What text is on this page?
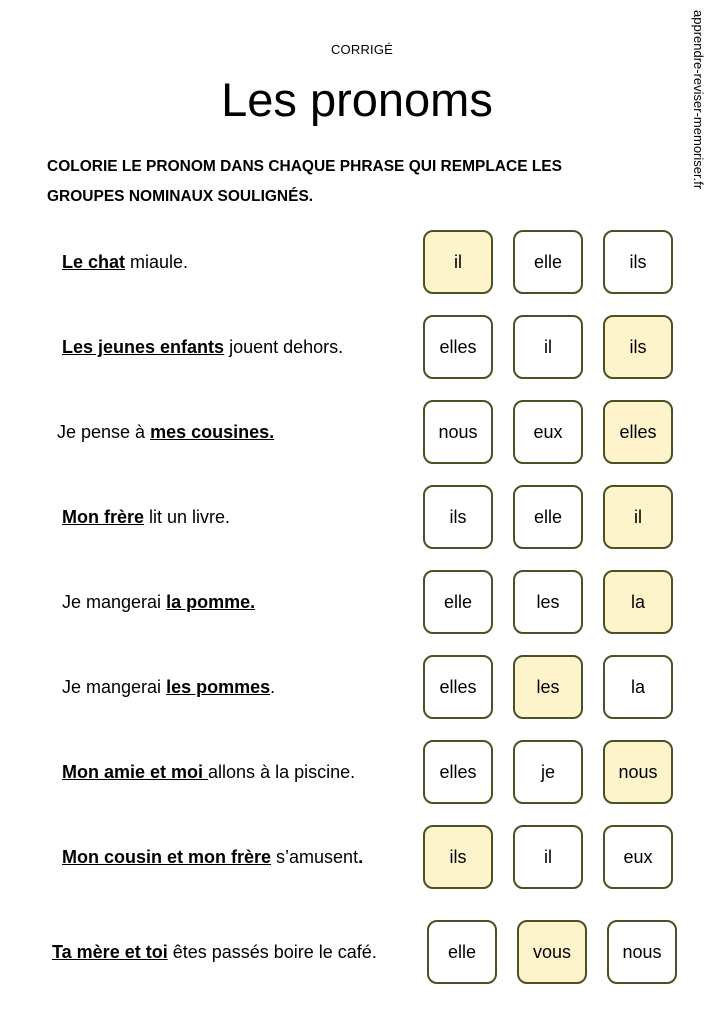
CORRIGÉ
Les pronoms	apprendre-reviser-memoriser.fr
COLORIE LE PRONOM DANS CHAQUE PHRASE QUI REMPLACE LES
GROUPES NOMINAUX SOULIGNÉS.
Le chat miaule.	il	elle	ils
Les jeunes enfants jouent dehors.	elles	il	ils
Je pense à mes cousines.	nous	eux	elles
Mon frère lit un livre.	ils	elle	il
Je mangerai la pomme.	elle	les	la
Je mangerai les pommes.	elles	les	la
Mon amie et moi allons à la piscine.	elles	je	nous
Mon cousin et mon frère s’amusent.	ils	il	eux
Ta mère et toi êtes passés boire le café.	elle	vous	nous
